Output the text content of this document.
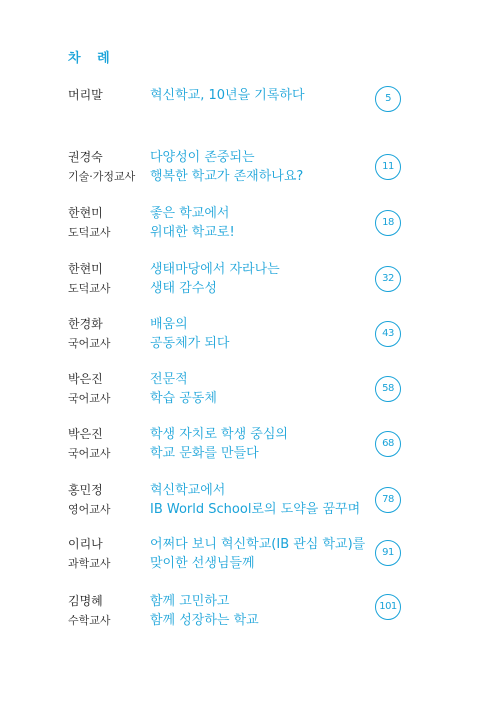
차 례
머리말	혁신학교, 10년을 기록하다	5
권경숙
기술·가정교사
다양성이 존중되는
행복한 학교가 존재하나요?
11
한현미
도덕교사
좋은 학교에서
위대한 학교로!
18
한현미
도덕교사
생태마당에서 자라나는
생태 감수성
32
한경화
국어교사
배움의
공동체가 되다
43
박은진
국어교사
전문적
학습 공동체
58
박은진
국어교사
학생 자치로 학생 중심의
학교 문화를 만들다
68
홍민정
영어교사
혁신학교에서
IB World School로의 도약을 꿈꾸며
78
이리나
과학교사
어쩌다 보니 혁신학교(IB 관심 학교)를
맞이한 선생님들께
91
김명혜
수학교사
함께 고민하고
함께 성장하는 학교
101
